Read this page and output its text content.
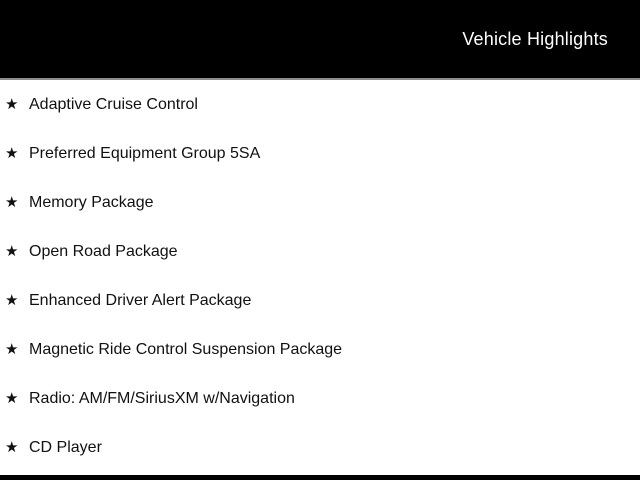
Vehicle Highlights
★ Adaptive Cruise Control
★ Preferred Equipment Group 5SA
★ Memory Package
★ Open Road Package
★ Enhanced Driver Alert Package
★ Magnetic Ride Control Suspension Package
★ Radio: AM/FM/SiriusXM w/Navigation
★ CD Player
